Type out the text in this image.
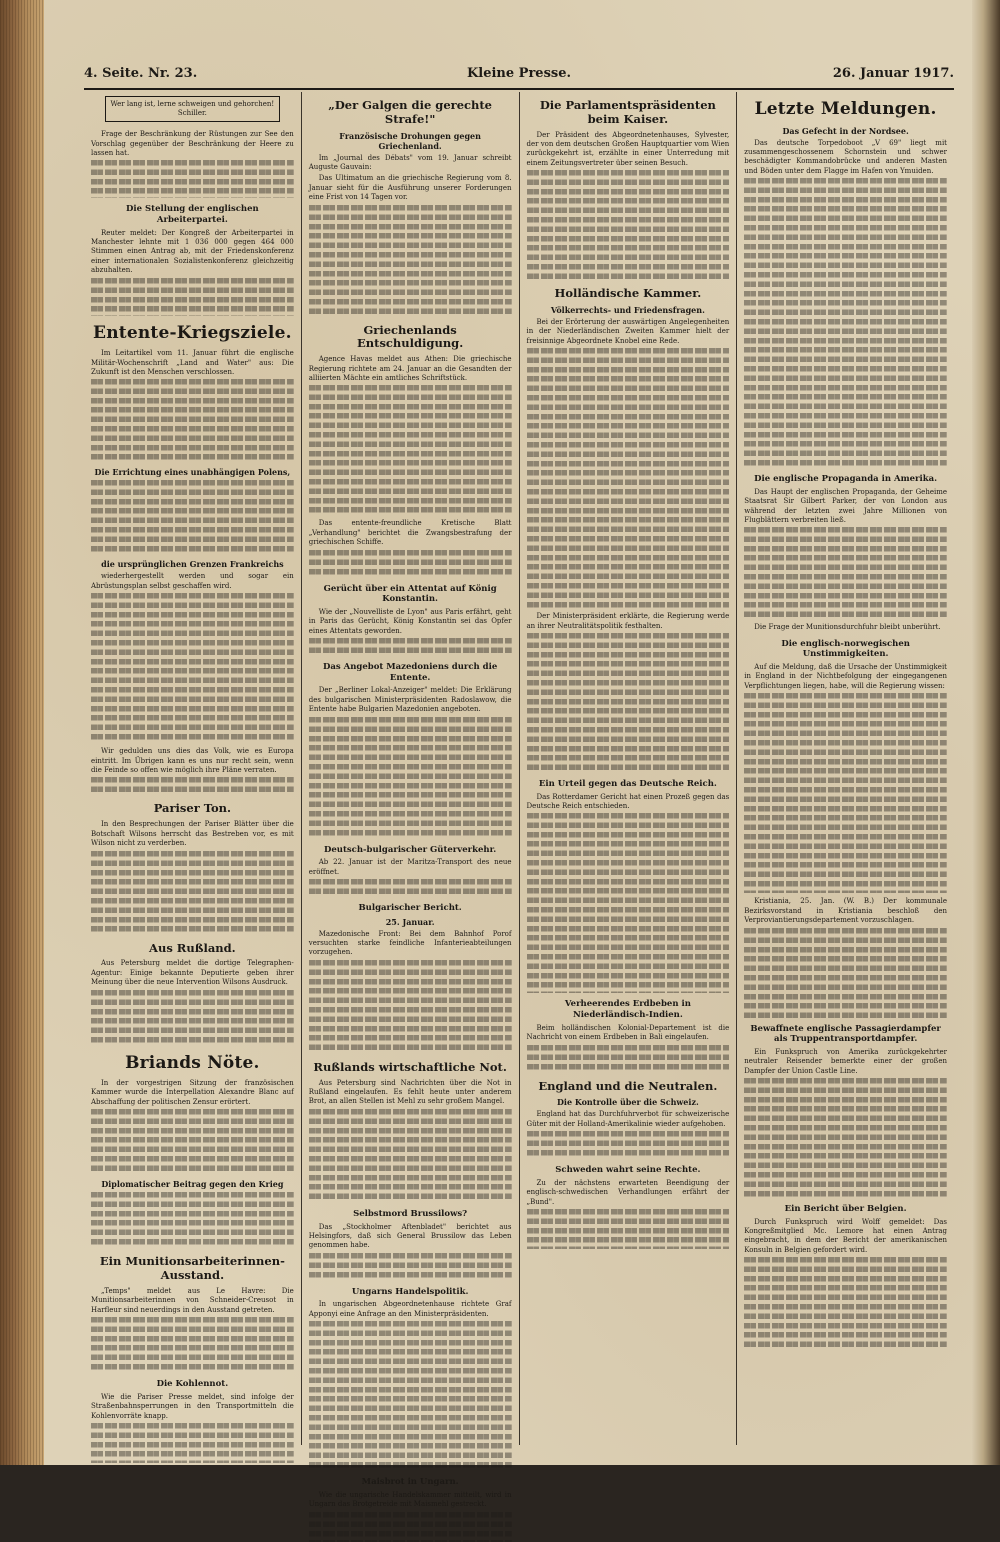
4. Seite. Nr. 23.	Kleine Presse.	26. Januar 1917.

Wer lang ist, lerne schweigen und gehorchen! Schiller.

Frage der Beschränkung der Rüstungen zur See den Vorschlag gegenüber der Beschränkung der Heere zu lassen hat.

Die Stellung der englischen Arbeiterpartei.

Reuter meldet: Der Kongreß der Arbeiterpartei in Manchester lehnte mit 1 036 000 gegen 464 000 Stimmen einen Antrag ab, mit der Friedenskonferenz einer internationalen Sozialistenkonferenz gleichzeitig abzuhalten.

Entente-Kriegsziele.

Im Leitartikel vom 11. Januar führt die englische Militär-Wochenschrift „Land and Water" aus: Die Zukunft ist den Menschen verschlossen.

Die Errichtung eines unabhängigen Polens,

die ursprünglichen Grenzen Frankreichs

wiederhergestellt werden und sogar ein Abrüstungsplan selbst geschaffen wird.

Wir gedulden uns dies das Volk, wie es Europa eintritt. Im Übrigen kann es uns nur recht sein, wenn die Feinde so offen wie möglich ihre Pläne verraten.

Pariser Ton.

In den Besprechungen der Pariser Blätter über die Botschaft Wilsons herrscht das Bestreben vor, es mit Wilson nicht zu verderben.

Aus Rußland.

Aus Petersburg meldet die dortige Telegraphen-Agentur: Einige bekannte Deputierte geben ihrer Meinung über die neue Intervention Wilsons Ausdruck.

Briands Nöte.

In der vorgestrigen Sitzung der französischen Kammer wurde die Interpellation Alexandre Blanc auf Abschaffung der politischen Zensur erörtert.

Diplomatischer Beitrag gegen den Krieg

Ein Munitionsarbeiterinnen-Ausstand.

„Temps" meldet aus Le Havre: Die Munitionsarbeiterinnen von Schneider-Creusot in Harfleur sind neuerdings in den Ausstand getreten.

Die Kohlennot.

Wie die Pariser Presse meldet, sind infolge der Straßenbahnsperrungen in den Transportmitteln die Kohlenvorräte knapp.

„Der Galgen die gerechte Strafe!"

Französische Drohungen gegen Griechenland.

Im „Journal des Débats" vom 19. Januar schreibt Auguste Gauvain:

Das Ultimatum an die griechische Regierung vom 8. Januar sieht für die Ausführung unserer Forderungen eine Frist von 14 Tagen vor.

Griechenlands Entschuldigung.

Agence Havas meldet aus Athen: Die griechische Regierung richtete am 24. Januar an die Gesandten der alliierten Mächte ein amtliches Schriftstück.

Das entente-freundliche Kretische Blatt „Verhandlung" berichtet die Zwangsbestrafung der griechischen Schiffe.

Gerücht über ein Attentat auf König Konstantin.

Wie der „Nouvelliste de Lyon" aus Paris erfährt, geht in Paris das Gerücht, König Konstantin sei das Opfer eines Attentats geworden.

Das Angebot Mazedoniens durch die Entente.

Der „Berliner Lokal-Anzeiger" meldet: Die Erklärung des bulgarischen Ministerpräsidenten Radoslawow, die Entente habe Bulgarien Mazedonien angeboten.

Deutsch-bulgarischer Güterverkehr.

Ab 22. Januar ist der Maritza-Transport des neue eröffnet.

Bulgarischer Bericht.

25. Januar.

Mazedonische Front: Bei dem Bahnhof Porof versuchten starke feindliche Infanterieabteilungen vorzugehen.

Rußlands wirtschaftliche Not.

Aus Petersburg sind Nachrichten über die Not in Rußland eingelaufen. Es fehlt heute unter anderem Brot, an allen Stellen ist Mehl zu sehr großem Mangel.

Selbstmord Brussilows?

Das „Stockholmer Aftenbladet" berichtet aus Helsingfors, daß sich General Brussilow das Leben genommen habe.

Ungarns Handelspolitik.

In ungarischen Abgeordnetenhause richtete Graf Apponyi eine Anfrage an den Ministerpräsidenten.

Maisbrot in Ungarn.

Wie die ungarische Handelskammer mitteilt, wird in Ungarn das Brotgetreide mit Maismehl gestreckt.

Die Parlamentspräsidenten beim Kaiser.

Der Präsident des Abgeordnetenhauses, Sylvester, der von dem deutschen Großen Hauptquartier vom Wien zurückgekehrt ist, erzählte in einer Unterredung mit einem Zeitungsvertreter über seinen Besuch.

Holländische Kammer.

Völkerrechts- und Friedensfragen.

Bei der Erörterung der auswärtigen Angelegenheiten in der Niederländischen Zweiten Kammer hielt der freisinnige Abgeordnete Knobel eine Rede.

Der Ministerpräsident erklärte, die Regierung werde an ihrer Neutralitätspolitik festhalten.

Ein Urteil gegen das Deutsche Reich.

Das Rotterdamer Gericht hat einen Prozeß gegen das Deutsche Reich entschieden.

Verheerendes Erdbeben in Niederländisch-Indien.

Beim holländischen Kolonial-Departement ist die Nachricht von einem Erdbeben in Bali eingelaufen.

England und die Neutralen.

Die Kontrolle über die Schweiz.

England hat das Durchfuhrverbot für schweizerische Güter mit der Holland-Amerikalinie wieder aufgehoben.

Schweden wahrt seine Rechte.

Zu der nächstens erwarteten Beendigung der englisch-schwedischen Verhandlungen erfährt der „Bund".

Letzte Meldungen.

Das Gefecht in der Nordsee.

Das deutsche Torpedoboot „V 69" liegt mit zusammengeschossenem Schornstein und schwer beschädigter Kommandobrücke und anderen Masten und Böden unter dem Flagge im Hafen von Ymuiden.

Die englische Propaganda in Amerika.

Das Haupt der englischen Propaganda, der Geheime Staatsrat Sir Gilbert Parker, der von London aus während der letzten zwei Jahre Millionen von Flugblättern verbreiten ließ.

Die Frage der Munitionsdurchfuhr bleibt unberührt.

Die englisch-norwegischen Unstimmigkeiten.

Auf die Meldung, daß die Ursache der Unstimmigkeit in England in der Nichtbefolgung der eingegangenen Verpflichtungen liegen, habe, will die Regierung wissen:

Kristiania, 25. Jan. (W. B.) Der kommunale Bezirksvorstand in Kristiania beschloß den Verproviantierungsdepartement vorzuschlagen.

Bewaffnete englische Passagierdampfer als Truppentransportdampfer.

Ein Funkspruch von Amerika zurückgekehrter neutraler Reisender bemerkte einer der großen Dampfer der Union Castle Line.

Ein Bericht über Belgien.

Durch Funkspruch wird Wolff gemeldet: Das Kongreßmitglied Mc. Lemore hat einen Antrag eingebracht, in dem der Bericht der amerikanischen Konsuln in Belgien gefordert wird.
